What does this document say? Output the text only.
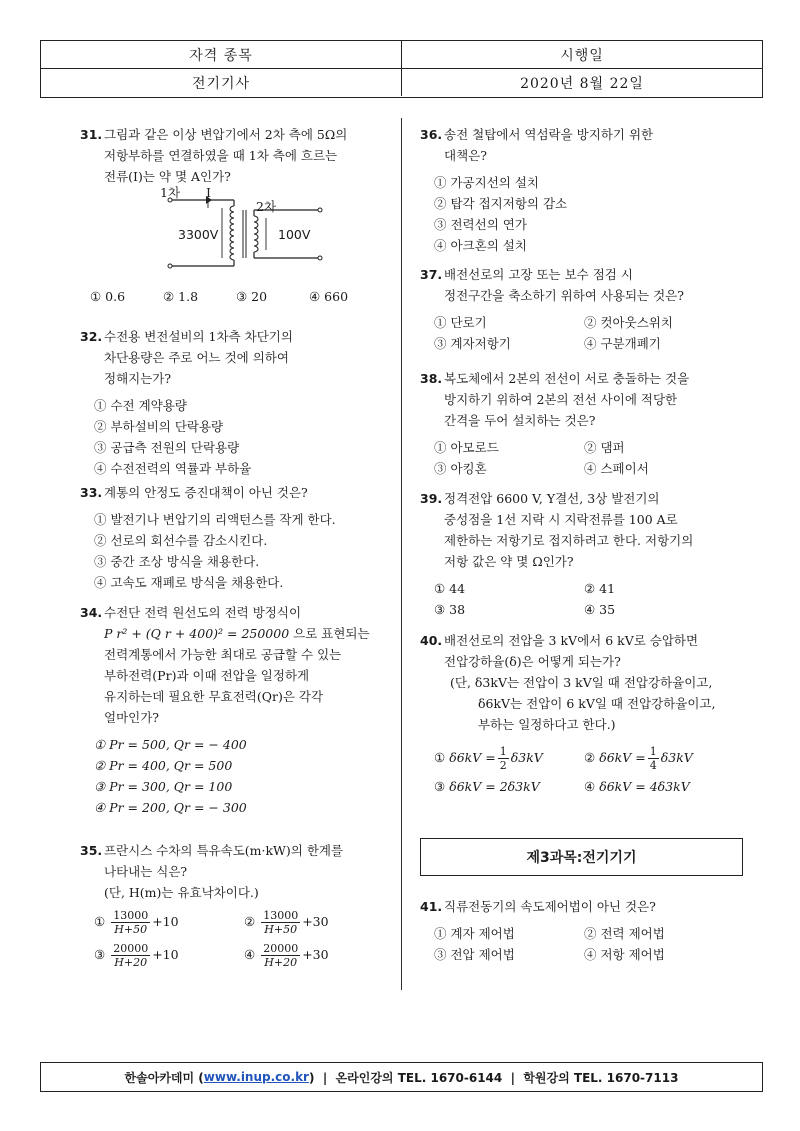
자격 종목	시행일
전기기사	2020년 8월 22일
31. 그림과 같은 이상 변압기에서 2차 측에 5Ω의
저항부하를 연결하였을 때 1차 측에 흐르는
전류(I)는 약 몇 A인가?
1차 I
2차
3300V	100V
① 0.6	② 1.8	③ 20	④ 660
32. 수전용 변전설비의 1차측 차단기의
차단용량은 주로 어느 것에 의하여
정해지는가?
① 수전 계약용량
② 부하설비의 단락용량
③ 공급측 전원의 단락용량
④ 수전전력의 역률과 부하율
33. 계통의 안정도 증진대책이 아닌 것은?
① 발전기나 변압기의 리액턴스를 작게 한다.
② 선로의 회선수를 감소시킨다.
③ 중간 조상 방식을 채용한다.
④ 고속도 재폐로 방식을 채용한다.
34. 수전단 전력 원선도의 전력 방정식이
P r² + (Q r + 400)² = 250000 으로 표현되는
전력계통에서 가능한 최대로 공급할 수 있는
부하전력(Pr)과 이때 전압을 일정하게
유지하는데 필요한 무효전력(Qr)은 각각
얼마인가?
① Pr = 500, Qr = − 400
② Pr = 400, Qr = 500
③ Pr = 300, Qr = 100
④ Pr = 200, Qr = − 300
35. 프란시스 수차의 특유속도(m·kW)의 한계를
나타내는 식은?
(단, H(m)는 유효낙차이다.)
① $\frac{13000}{H+50} +10$	② $\frac{13000}{H+50} +30$
③ $\frac{20000}{H+20} +10$	④ $\frac{20000}{H+20} +30$
36. 송전 철탑에서 역섬락을 방지하기 위한
대책은?
① 가공지선의 설치
② 탑각 접지저항의 감소
③ 전력선의 연가
④ 아크혼의 설치
37. 배전선로의 고장 또는 보수 점검 시
정전구간을 축소하기 위하여 사용되는 것은?
① 단로기	② 컷아웃스위치
③ 계자저항기	④ 구분개폐기
38. 복도체에서 2본의 전선이 서로 충돌하는 것을
방지하기 위하여 2본의 전선 사이에 적당한
간격을 두어 설치하는 것은?
① 아모로드	② 댐퍼
③ 아킹혼	④ 스페이서
39. 정격전압 6600 V, Y결선, 3상 발전기의
중성점을 1선 지락 시 지락전류를 100 A로
제한하는 저항기로 접지하려고 한다. 저항기의
저항 값은 약 몇 Ω인가?
① 44	② 41
③ 38	④ 35
40. 배전선로의 전압을 3 kV에서 6 kV로 승압하면
전압강하율(δ)은 어떻게 되는가?
(단, δ3kV는 전압이 3 kV일 때 전압강하율이고,
δ6kV는 전압이 6 kV일 때 전압강하율이고,
부하는 일정하다고 한다.)
① $\delta 6kV = \frac{1}{2} \delta 3kV$	② $\delta 6kV = \frac{1}{4} \delta 3kV$
③ δ6kV = 2δ3kV	④ δ6kV = 4δ3kV
제3과목:전기기기
41. 직류전동기의 속도제어법이 아닌 것은?
① 계자 제어법	② 전력 제어법
③ 전압 제어법	④ 저항 제어법
한솔아카데미 ( www.inup.co.kr )  |  온라인강의 TEL. 1670-6144  |  학원강의 TEL. 1670-7113
